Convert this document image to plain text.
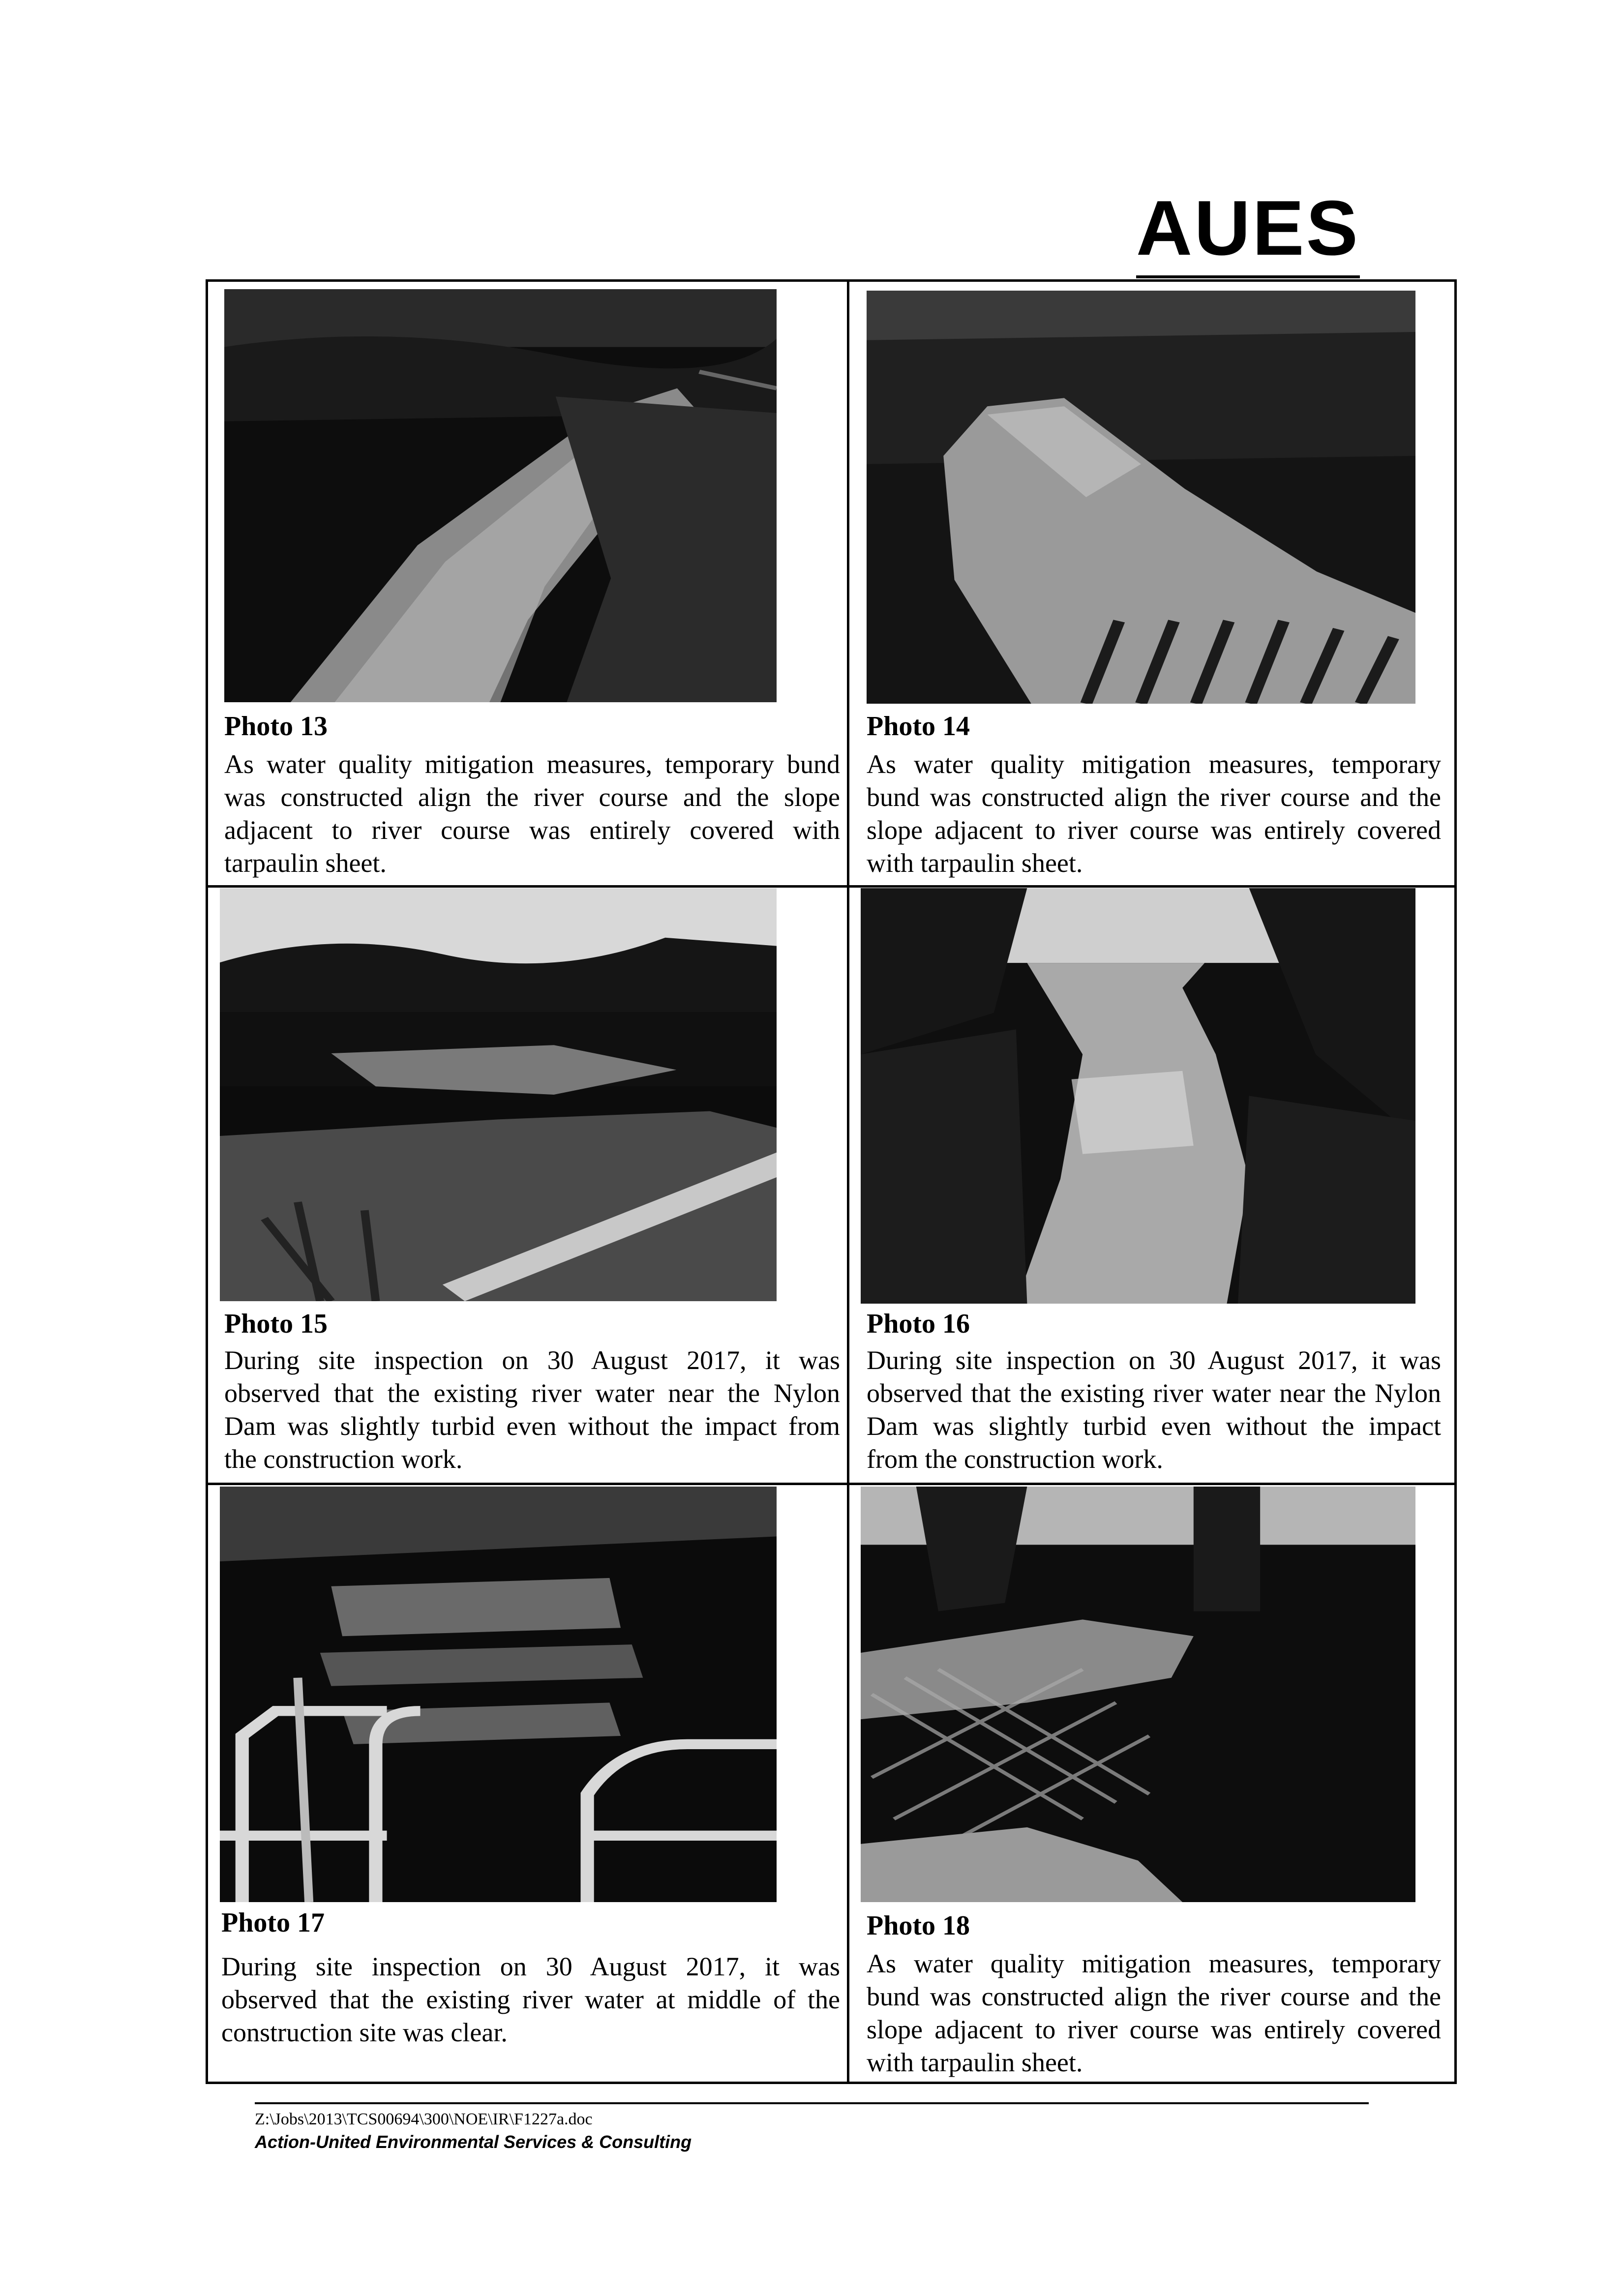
AUES
Photo 13
As water quality mitigation measures, temporary bund was constructed align the river course and the slope adjacent to river course was entirely covered with tarpaulin sheet.
Photo 14
As water quality mitigation measures, temporary bund was constructed align the river course and the slope adjacent to river course was entirely covered with tarpaulin sheet.
Photo 15
During site inspection on 30 August 2017, it was observed that the existing river water near the Nylon Dam was slightly turbid even without the impact from the construction work.
Photo 16
During site inspection on 30 August 2017, it was observed that the existing river water near the Nylon Dam was slightly turbid even without the impact from the construction work.
Photo 17
During site inspection on 30 August 2017, it was observed that the existing river water at middle of the construction site was clear.
Photo 18
As water quality mitigation measures, temporary bund was constructed align the river course and the slope adjacent to river course was entirely covered with tarpaulin sheet.
Z:\Jobs\2013\TCS00694\300\NOE\IR\F1227a.doc
Action-United Environmental Services & Consulting
